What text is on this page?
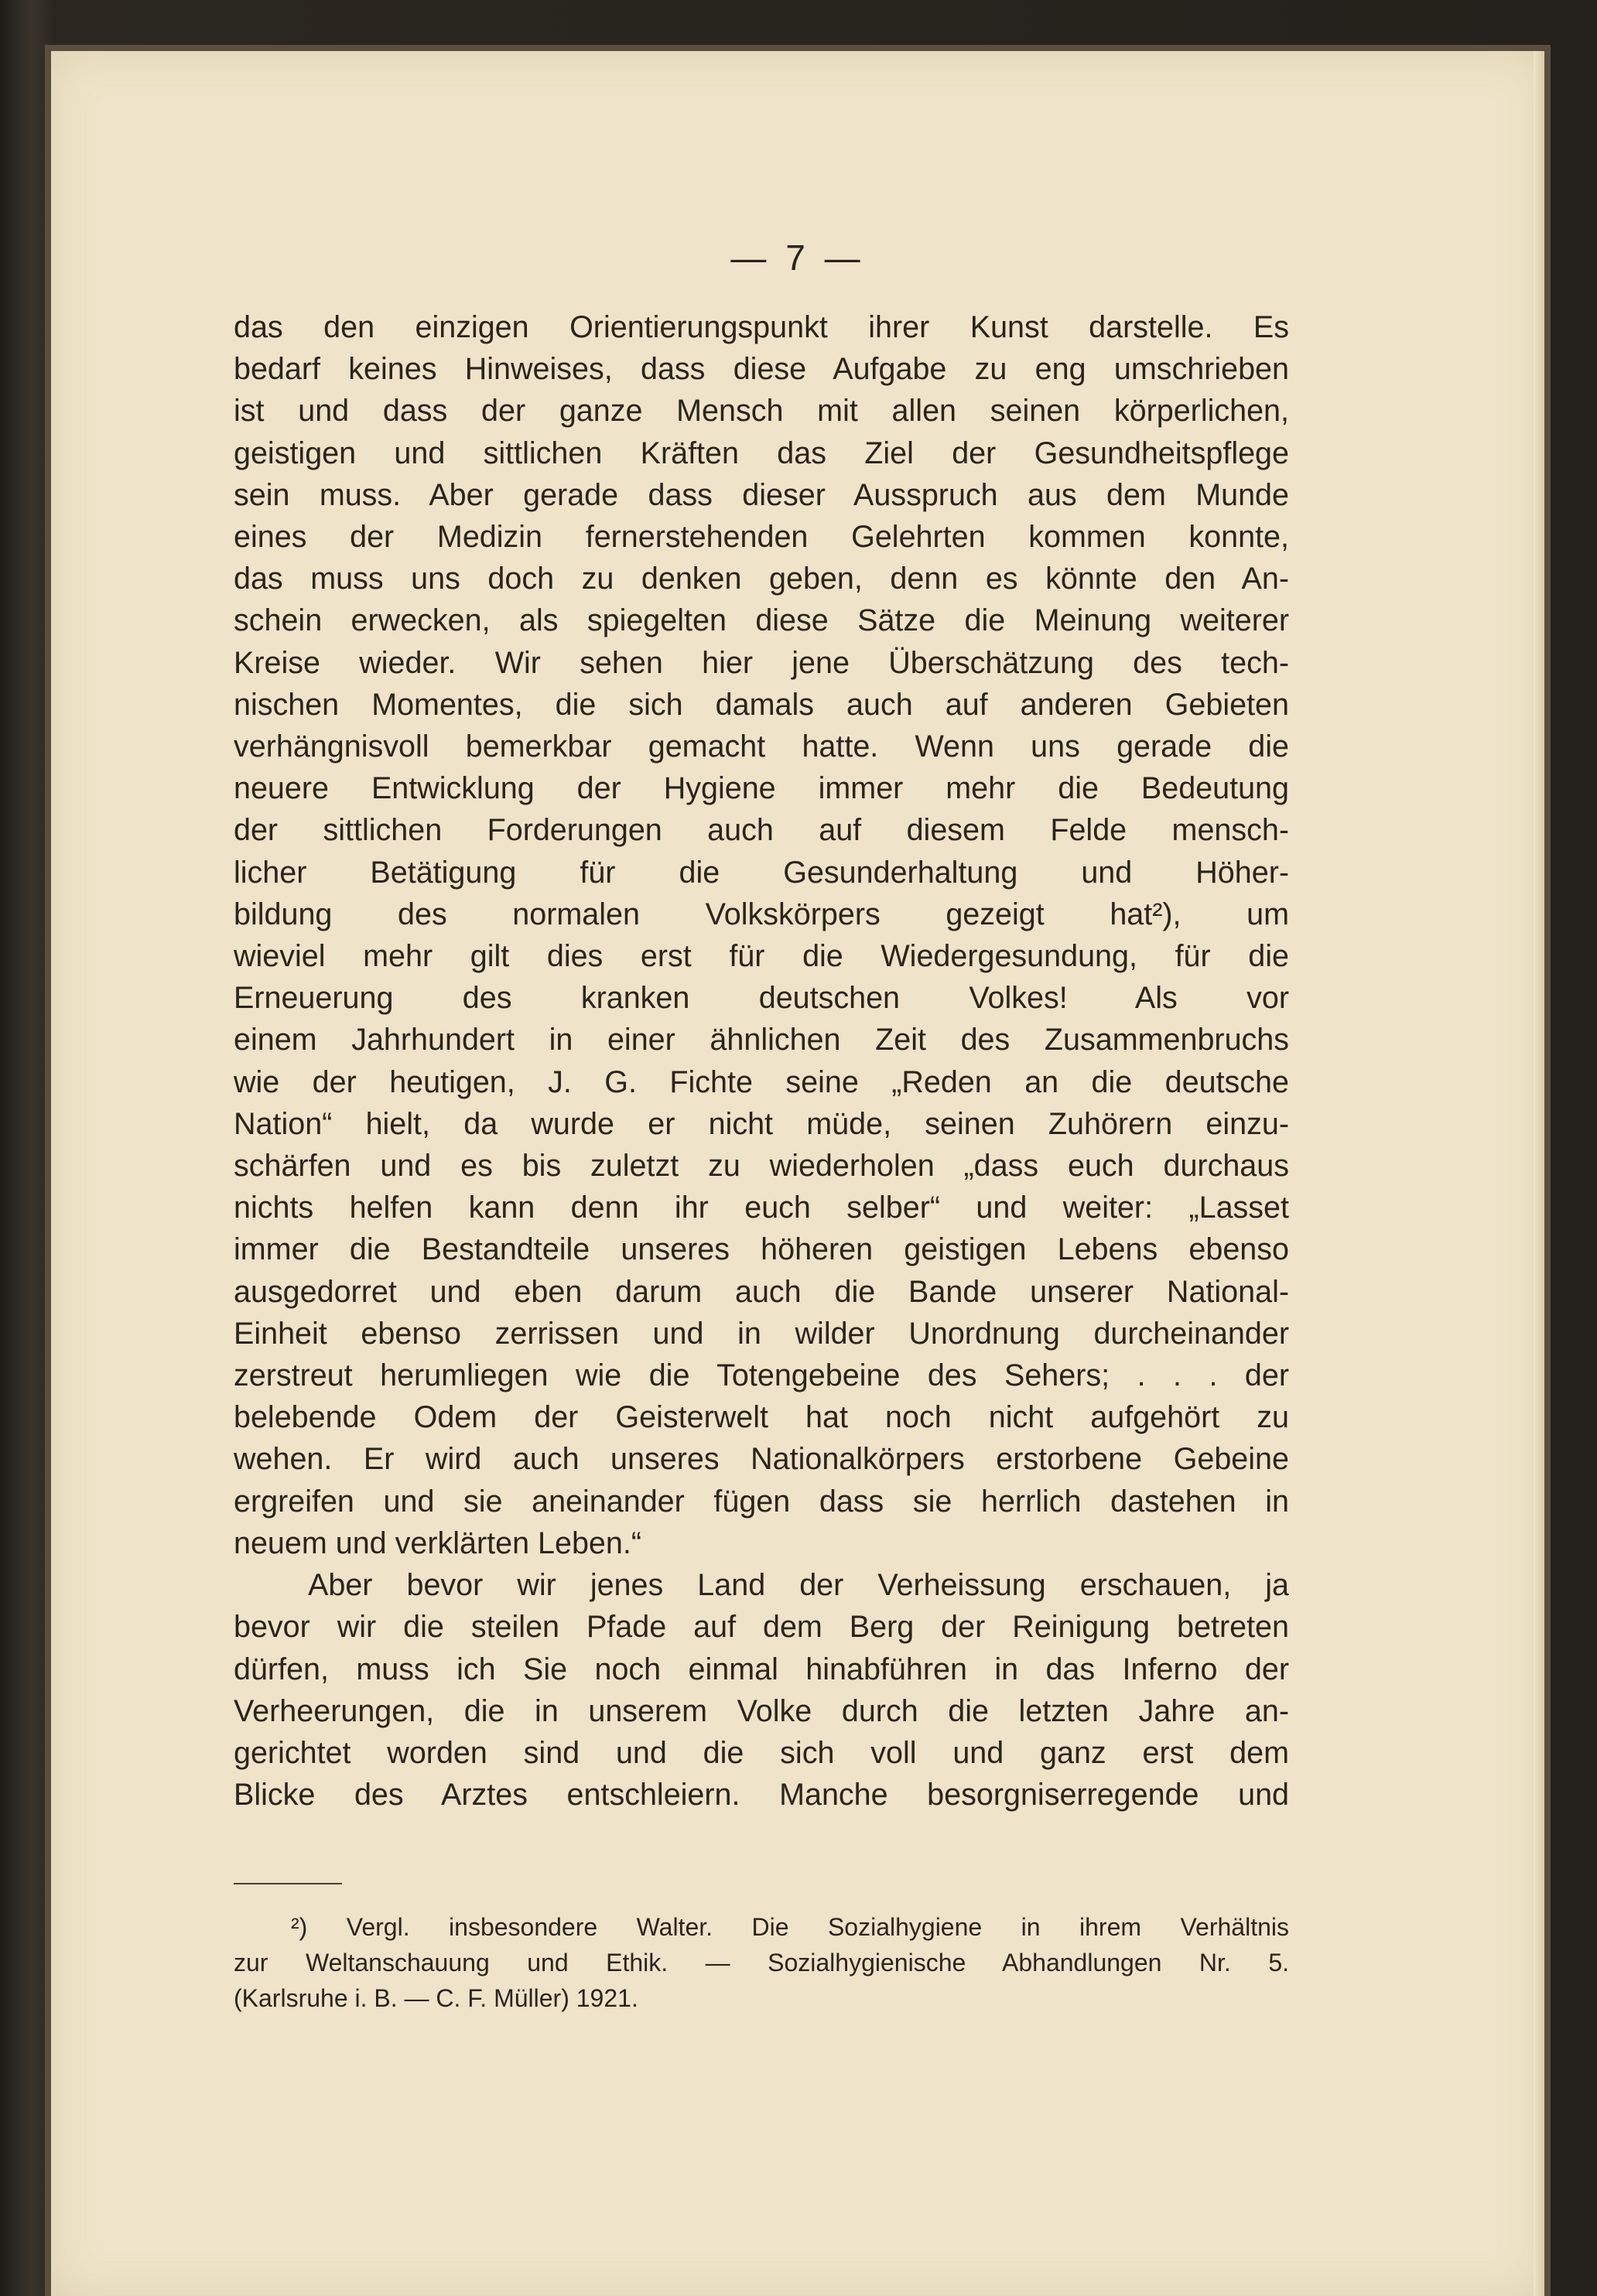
— 7 —
das den einzigen Orientierungspunkt ihrer Kunst darstelle. Es
bedarf keines Hinweises, dass diese Aufgabe zu eng umschrieben
ist und dass der ganze Mensch mit allen seinen körperlichen,
geistigen und sittlichen Kräften das Ziel der Gesundheitspflege
sein muss. Aber gerade dass dieser Ausspruch aus dem Munde
eines der Medizin fernerstehenden Gelehrten kommen konnte,
das muss uns doch zu denken geben, denn es könnte den An-
schein erwecken, als spiegelten diese Sätze die Meinung weiterer
Kreise wieder. Wir sehen hier jene Überschätzung des tech-
nischen Momentes, die sich damals auch auf anderen Gebieten
verhängnisvoll bemerkbar gemacht hatte. Wenn uns gerade die
neuere Entwicklung der Hygiene immer mehr die Bedeutung
der sittlichen Forderungen auch auf diesem Felde mensch-
licher Betätigung für die Gesunderhaltung und Höher-
bildung des normalen Volkskörpers gezeigt hat²), um
wieviel mehr gilt dies erst für die Wiedergesundung, für die
Erneuerung des kranken deutschen Volkes! Als vor
einem Jahrhundert in einer ähnlichen Zeit des Zusammenbruchs
wie der heutigen, J. G. Fichte seine „Reden an die deutsche
Nation“ hielt, da wurde er nicht müde, seinen Zuhörern einzu-
schärfen und es bis zuletzt zu wiederholen „dass euch durchaus
nichts helfen kann denn ihr euch selber“ und weiter: „Lasset
immer die Bestandteile unseres höheren geistigen Lebens ebenso
ausgedorret und eben darum auch die Bande unserer National-
Einheit ebenso zerrissen und in wilder Unordnung durcheinander
zerstreut herumliegen wie die Totengebeine des Sehers; . . . der
belebende Odem der Geisterwelt hat noch nicht aufgehört zu
wehen. Er wird auch unseres Nationalkörpers erstorbene Gebeine
ergreifen und sie aneinander fügen dass sie herrlich dastehen in
neuem und verklärten Leben.“
Aber bevor wir jenes Land der Verheissung erschauen, ja
bevor wir die steilen Pfade auf dem Berg der Reinigung betreten
dürfen, muss ich Sie noch einmal hinabführen in das Inferno der
Verheerungen, die in unserem Volke durch die letzten Jahre an-
gerichtet worden sind und die sich voll und ganz erst dem
Blicke des Arztes entschleiern. Manche besorgniserregende und
²) Vergl. insbesondere Walter. Die Sozialhygiene in ihrem Verhältnis
zur Weltanschauung und Ethik. — Sozialhygienische Abhandlungen Nr. 5.
(Karlsruhe i. B. — C. F. Müller) 1921.
